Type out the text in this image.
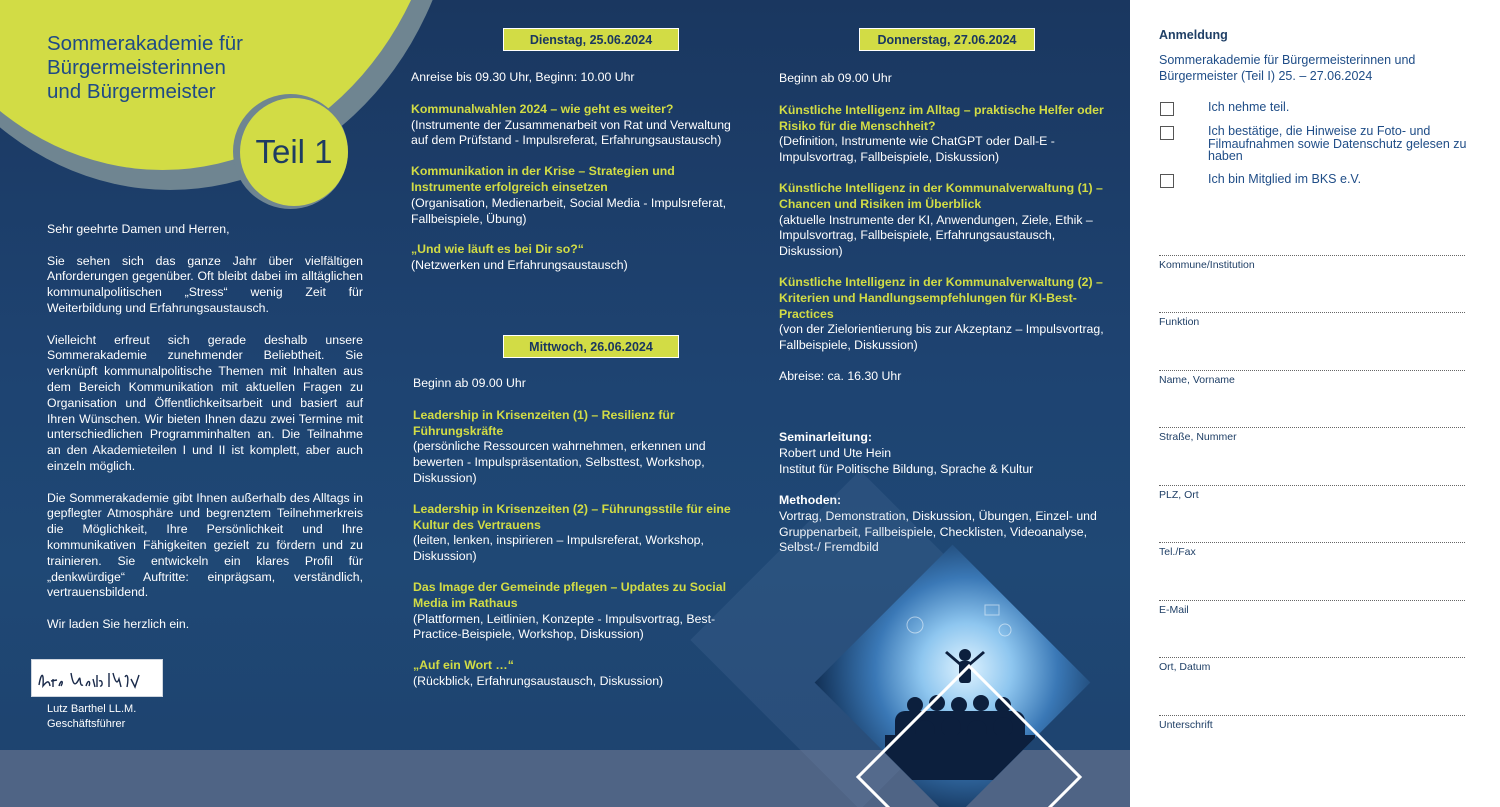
Sommerakademie für
Bürgermeisterinnen
und Bürgermeister
Teil 1

Sehr geehrte Damen und Herren,

Sie sehen sich das ganze Jahr über vielfältigen Anforderungen gegenüber. Oft bleibt dabei im alltäglichen kommunalpolitischen „Stress“ wenig Zeit für Weiterbildung und Erfahrungsaustausch.

Vielleicht erfreut sich gerade deshalb unsere Sommerakademie zunehmender Beliebtheit. Sie verknüpft kommunalpolitische Themen mit Inhalten aus dem Bereich Kommunikation mit aktuellen Fragen zu Organisation und Öffentlichkeitsarbeit und basiert auf Ihren Wünschen. Wir bieten Ihnen dazu zwei Termine mit unterschiedlichen Programminhalten an. Die Teilnahme an den Akademieteilen I und II ist komplett, aber auch einzeln möglich.

Die Sommerakademie gibt Ihnen außerhalb des Alltags in gepflegter Atmosphäre und begrenztem Teilnehmerkreis die Möglichkeit, Ihre Persönlichkeit und Ihre kommunikativen Fähigkeiten gezielt zu fördern und zu trainieren. Sie entwickeln ein klares Profil für „denkwürdige“ Auftritte: einprägsam, verständlich, vertrauensbildend.

Wir laden Sie herzlich ein.

Lutz Barthel LL.M.
Geschäftsführer
Dienstag, 25.06.2024
Anreise bis 09.30 Uhr, Beginn: 10.00 Uhr
Kommunalwahlen 2024 – wie geht es weiter?
(Instrumente der Zusammenarbeit von Rat und Verwaltung auf dem Prüfstand - Impulsreferat, Erfahrungsaustausch)
Kommunikation in der Krise – Strategien und Instrumente erfolgreich einsetzen
(Organisation, Medienarbeit, Social Media - Impulsreferat, Fallbeispiele, Übung)
„Und wie läuft es bei Dir so?“
(Netzwerken und Erfahrungsaustausch)
Mittwoch, 26.06.2024
Beginn ab 09.00 Uhr
Leadership in Krisenzeiten (1) – Resilienz für Führungskräfte
(persönliche Ressourcen wahrnehmen, erkennen und bewerten - Impulspräsentation, Selbsttest, Workshop, Diskussion)
Leadership in Krisenzeiten (2) – Führungsstile für eine Kultur des Vertrauens
(leiten, lenken, inspirieren – Impulsreferat, Workshop, Diskussion)
Das Image der Gemeinde pflegen – Updates zu Social Media im Rathaus
(Plattformen, Leitlinien, Konzepte - Impulsvortrag, Best-Practice-Beispiele, Workshop, Diskussion)
„Auf ein Wort …“
(Rückblick, Erfahrungsaustausch, Diskussion)
Donnerstag, 27.06.2024
Beginn ab 09.00 Uhr
Künstliche Intelligenz im Alltag – praktische Helfer oder Risiko für die Menschheit?
(Definition, Instrumente wie ChatGPT oder Dall-E - Impulsvortrag, Fallbeispiele, Diskussion)
Künstliche Intelligenz in der Kommunalverwaltung (1) – Chancen und Risiken im Überblick
(aktuelle Instrumente der KI, Anwendungen, Ziele, Ethik – Impulsvortrag, Fallbeispiele, Erfahrungsaustausch, Diskussion)
Künstliche Intelligenz in der Kommunalverwaltung (2) – Kriterien und Handlungsempfehlungen für KI-Best-Practices
(von der Zielorientierung bis zur Akzeptanz – Impulsvortrag, Fallbeispiele, Diskussion)
Abreise: ca. 16.30 Uhr
Seminarleitung:
Robert und Ute Hein
Institut für Politische Bildung, Sprache & Kultur
Methoden:
Vortrag, Demonstration, Diskussion, Übungen, Einzel- und Gruppenarbeit, Fallbeispiele, Checklisten, Videoanalyse, Selbst-/ Fremdbild
Anmeldung
Sommerakademie für Bürgermeisterinnen und Bürgermeister (Teil I) 25. – 27.06.2024
Ich nehme teil.
Ich bestätige, die Hinweise zu Foto- und Filmaufnahmen sowie Datenschutz gelesen zu haben
Ich bin Mitglied im BKS e.V.
Kommune/Institution
Funktion
Name, Vorname
Straße, Nummer
PLZ, Ort
Tel./Fax
E-Mail
Ort, Datum
Unterschrift
